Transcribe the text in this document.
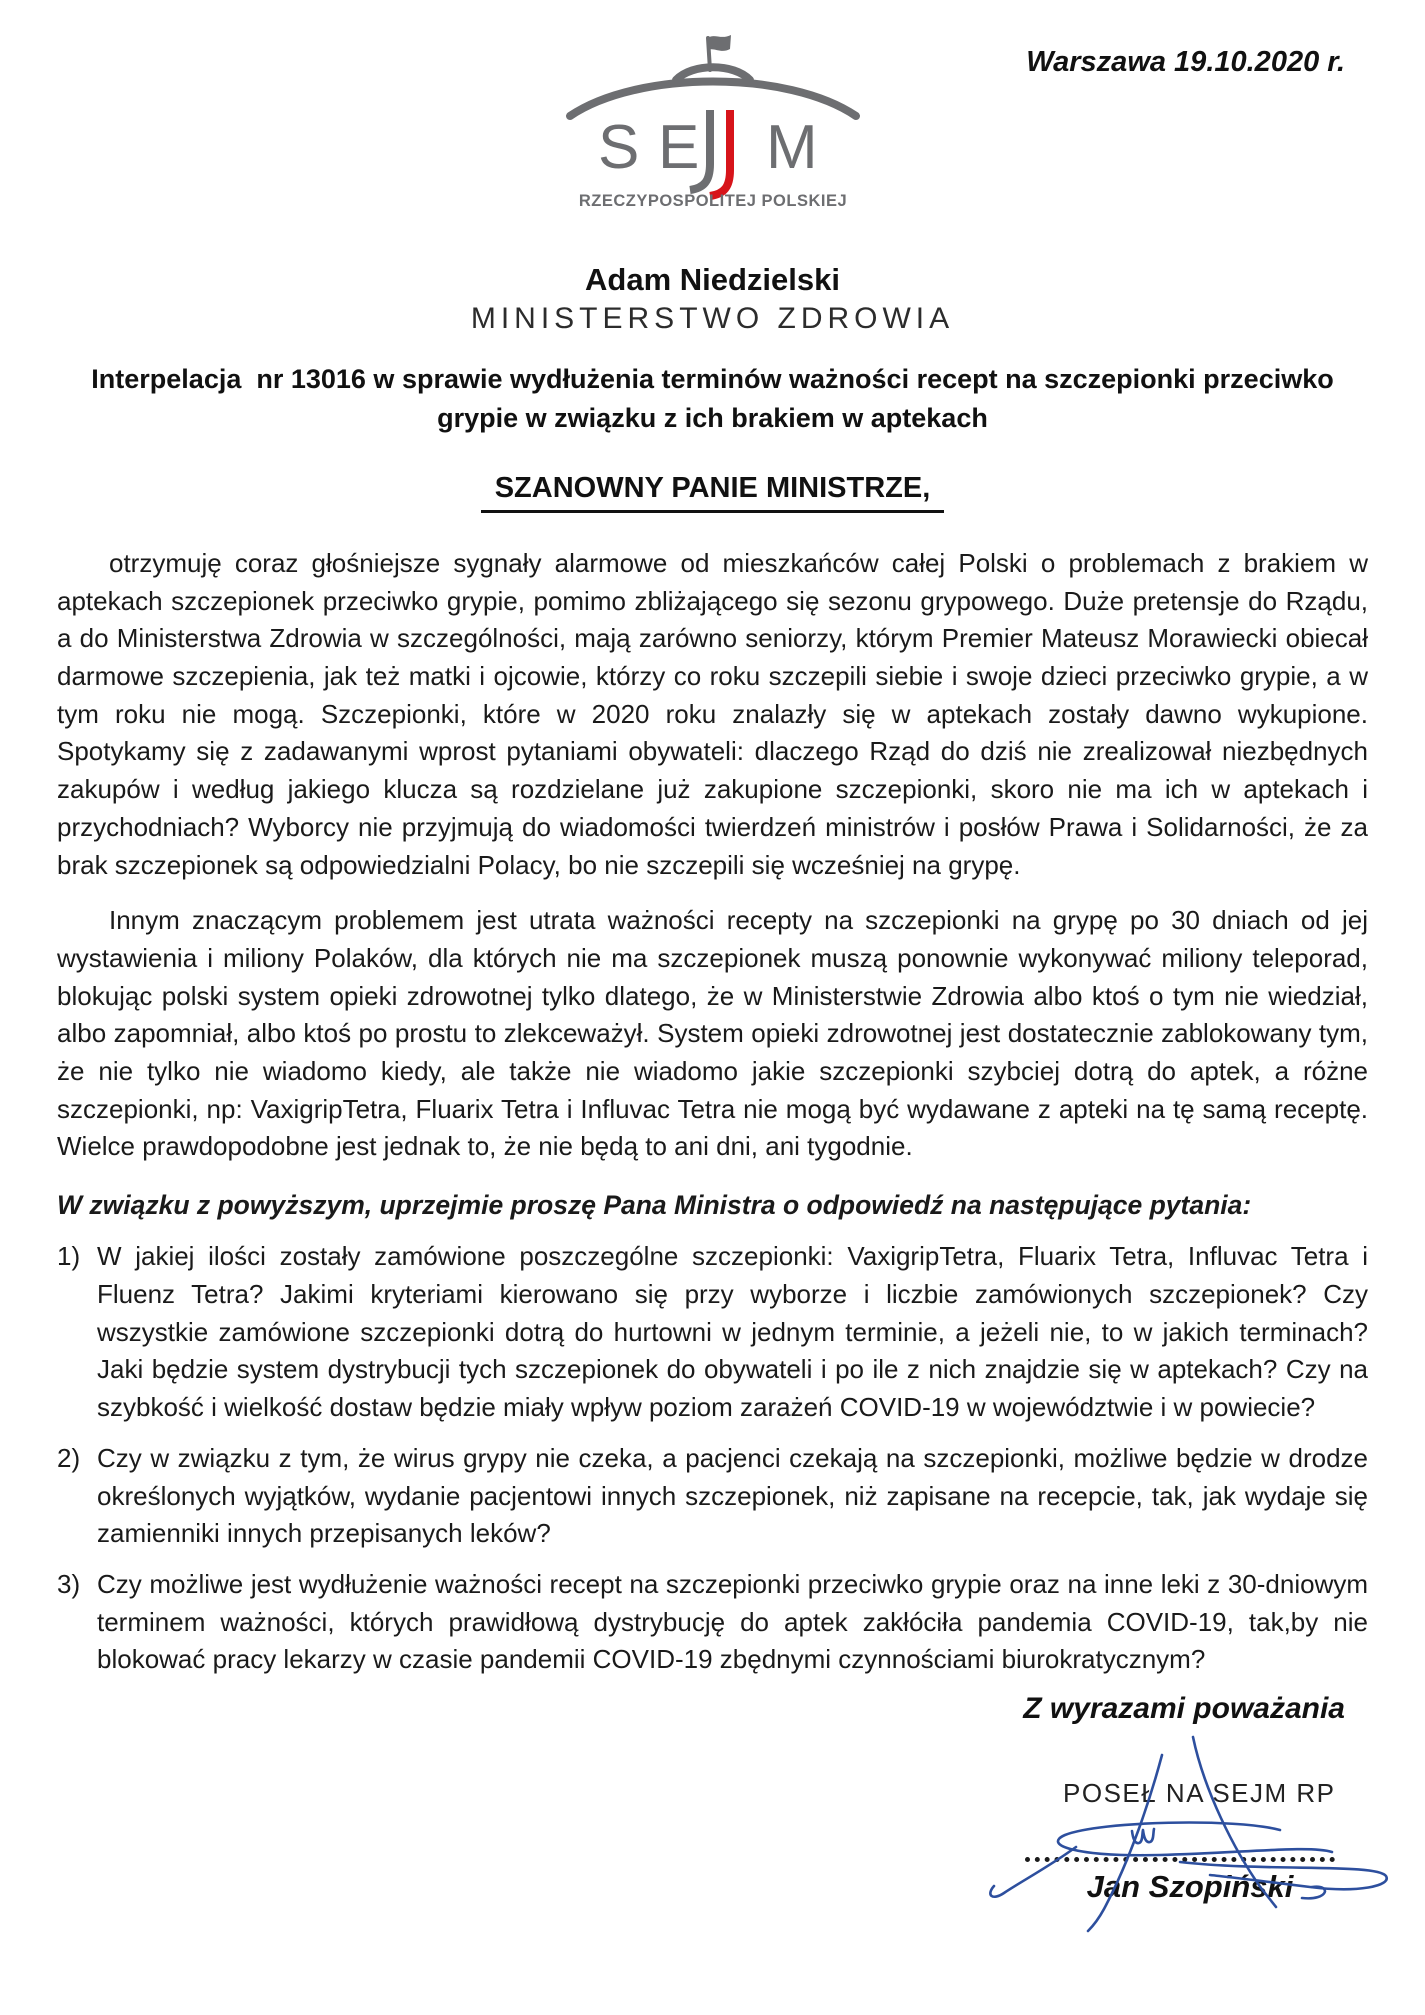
Warszawa 19.10.2020 r.
S E M
RZECZYPOSPOLITEJ POLSKIEJ
Adam Niedzielski
MINISTERSTWO ZDROWIA
Interpelacja  nr 13016 w sprawie wydłużenia terminów ważności recept na szczepionki przeciwko grypie w związku z ich brakiem w aptekach
SZANOWNY PANIE MINISTRZE,

otrzymuję coraz głośniejsze sygnały alarmowe od mieszkańców całej Polski o problemach z brakiem w aptekach szczepionek przeciwko grypie, pomimo zbliżającego się sezonu grypowego. Duże pretensje do Rządu, a do Ministerstwa Zdrowia w szczególności, mają zarówno seniorzy, którym Premier Mateusz Morawiecki obiecał darmowe szczepienia, jak też matki i ojcowie, którzy co roku szczepili siebie i swoje dzieci przeciwko grypie, a w tym roku nie mogą. Szczepionki, które w 2020 roku znalazły się w aptekach zostały dawno wykupione. Spotykamy się z zadawanymi wprost pytaniami obywateli: dlaczego Rząd do dziś nie zrealizował niezbędnych zakupów i według jakiego klucza są rozdzielane już zakupione szczepionki, skoro nie ma ich w aptekach i przychodniach? Wyborcy nie przyjmują do wiadomości twierdzeń ministrów i posłów Prawa i Solidarności, że za brak szczepionek są odpowiedzialni Polacy, bo nie szczepili się wcześniej na grypę.

Innym znaczącym problemem jest utrata ważności recepty na szczepionki na grypę po 30 dniach od jej wystawienia i miliony Polaków, dla których nie ma szczepionek muszą ponownie wykonywać miliony teleporad, blokując polski system opieki zdrowotnej tylko dlatego, że w Ministerstwie Zdrowia albo ktoś o tym nie wiedział, albo zapomniał, albo ktoś po prostu to zlekceważył. System opieki zdrowotnej jest dostatecznie zablokowany tym, że nie tylko nie wiadomo kiedy, ale także nie wiadomo jakie szczepionki szybciej dotrą do aptek, a różne szczepionki, np: VaxigripTetra, Fluarix Tetra i Influvac Tetra nie mogą być wydawane z apteki na tę samą receptę. Wielce prawdopodobne jest jednak to, że nie będą to ani dni, ani tygodnie.

W związku z powyższym, uprzejmie proszę Pana Ministra o odpowiedź na następujące pytania:

1) W jakiej ilości zostały zamówione poszczególne szczepionki: VaxigripTetra, Fluarix Tetra, Influvac Tetra i Fluenz Tetra? Jakimi kryteriami kierowano się przy wyborze i liczbie zamówionych szczepionek? Czy wszystkie zamówione szczepionki dotrą do hurtowni w jednym terminie, a jeżeli nie, to w jakich terminach? Jaki będzie system dystrybucji tych szczepionek do obywateli i po ile z nich znajdzie się w aptekach? Czy na szybkość i wielkość dostaw będzie miały wpływ poziom zarażeń COVID-19 w województwie i w powiecie?
2) Czy w związku z tym, że wirus grypy nie czeka, a pacjenci czekają na szczepionki, możliwe będzie w drodze określonych wyjątków, wydanie pacjentowi innych szczepionek, niż zapisane na recepcie, tak, jak wydaje się zamienniki innych przepisanych leków?
3) Czy możliwe jest wydłużenie ważności recept na szczepionki przeciwko grypie oraz na inne leki z 30-dniowym terminem ważności, których prawidłową dystrybucję do aptek zakłóciła pandemia COVID-19, tak,by nie blokować pracy lekarzy w czasie pandemii COVID-19 zbędnymi czynnościami biurokratycznym?
Z wyrazami poważania
POSEŁ NA SEJM RP
Jan Szopiński
